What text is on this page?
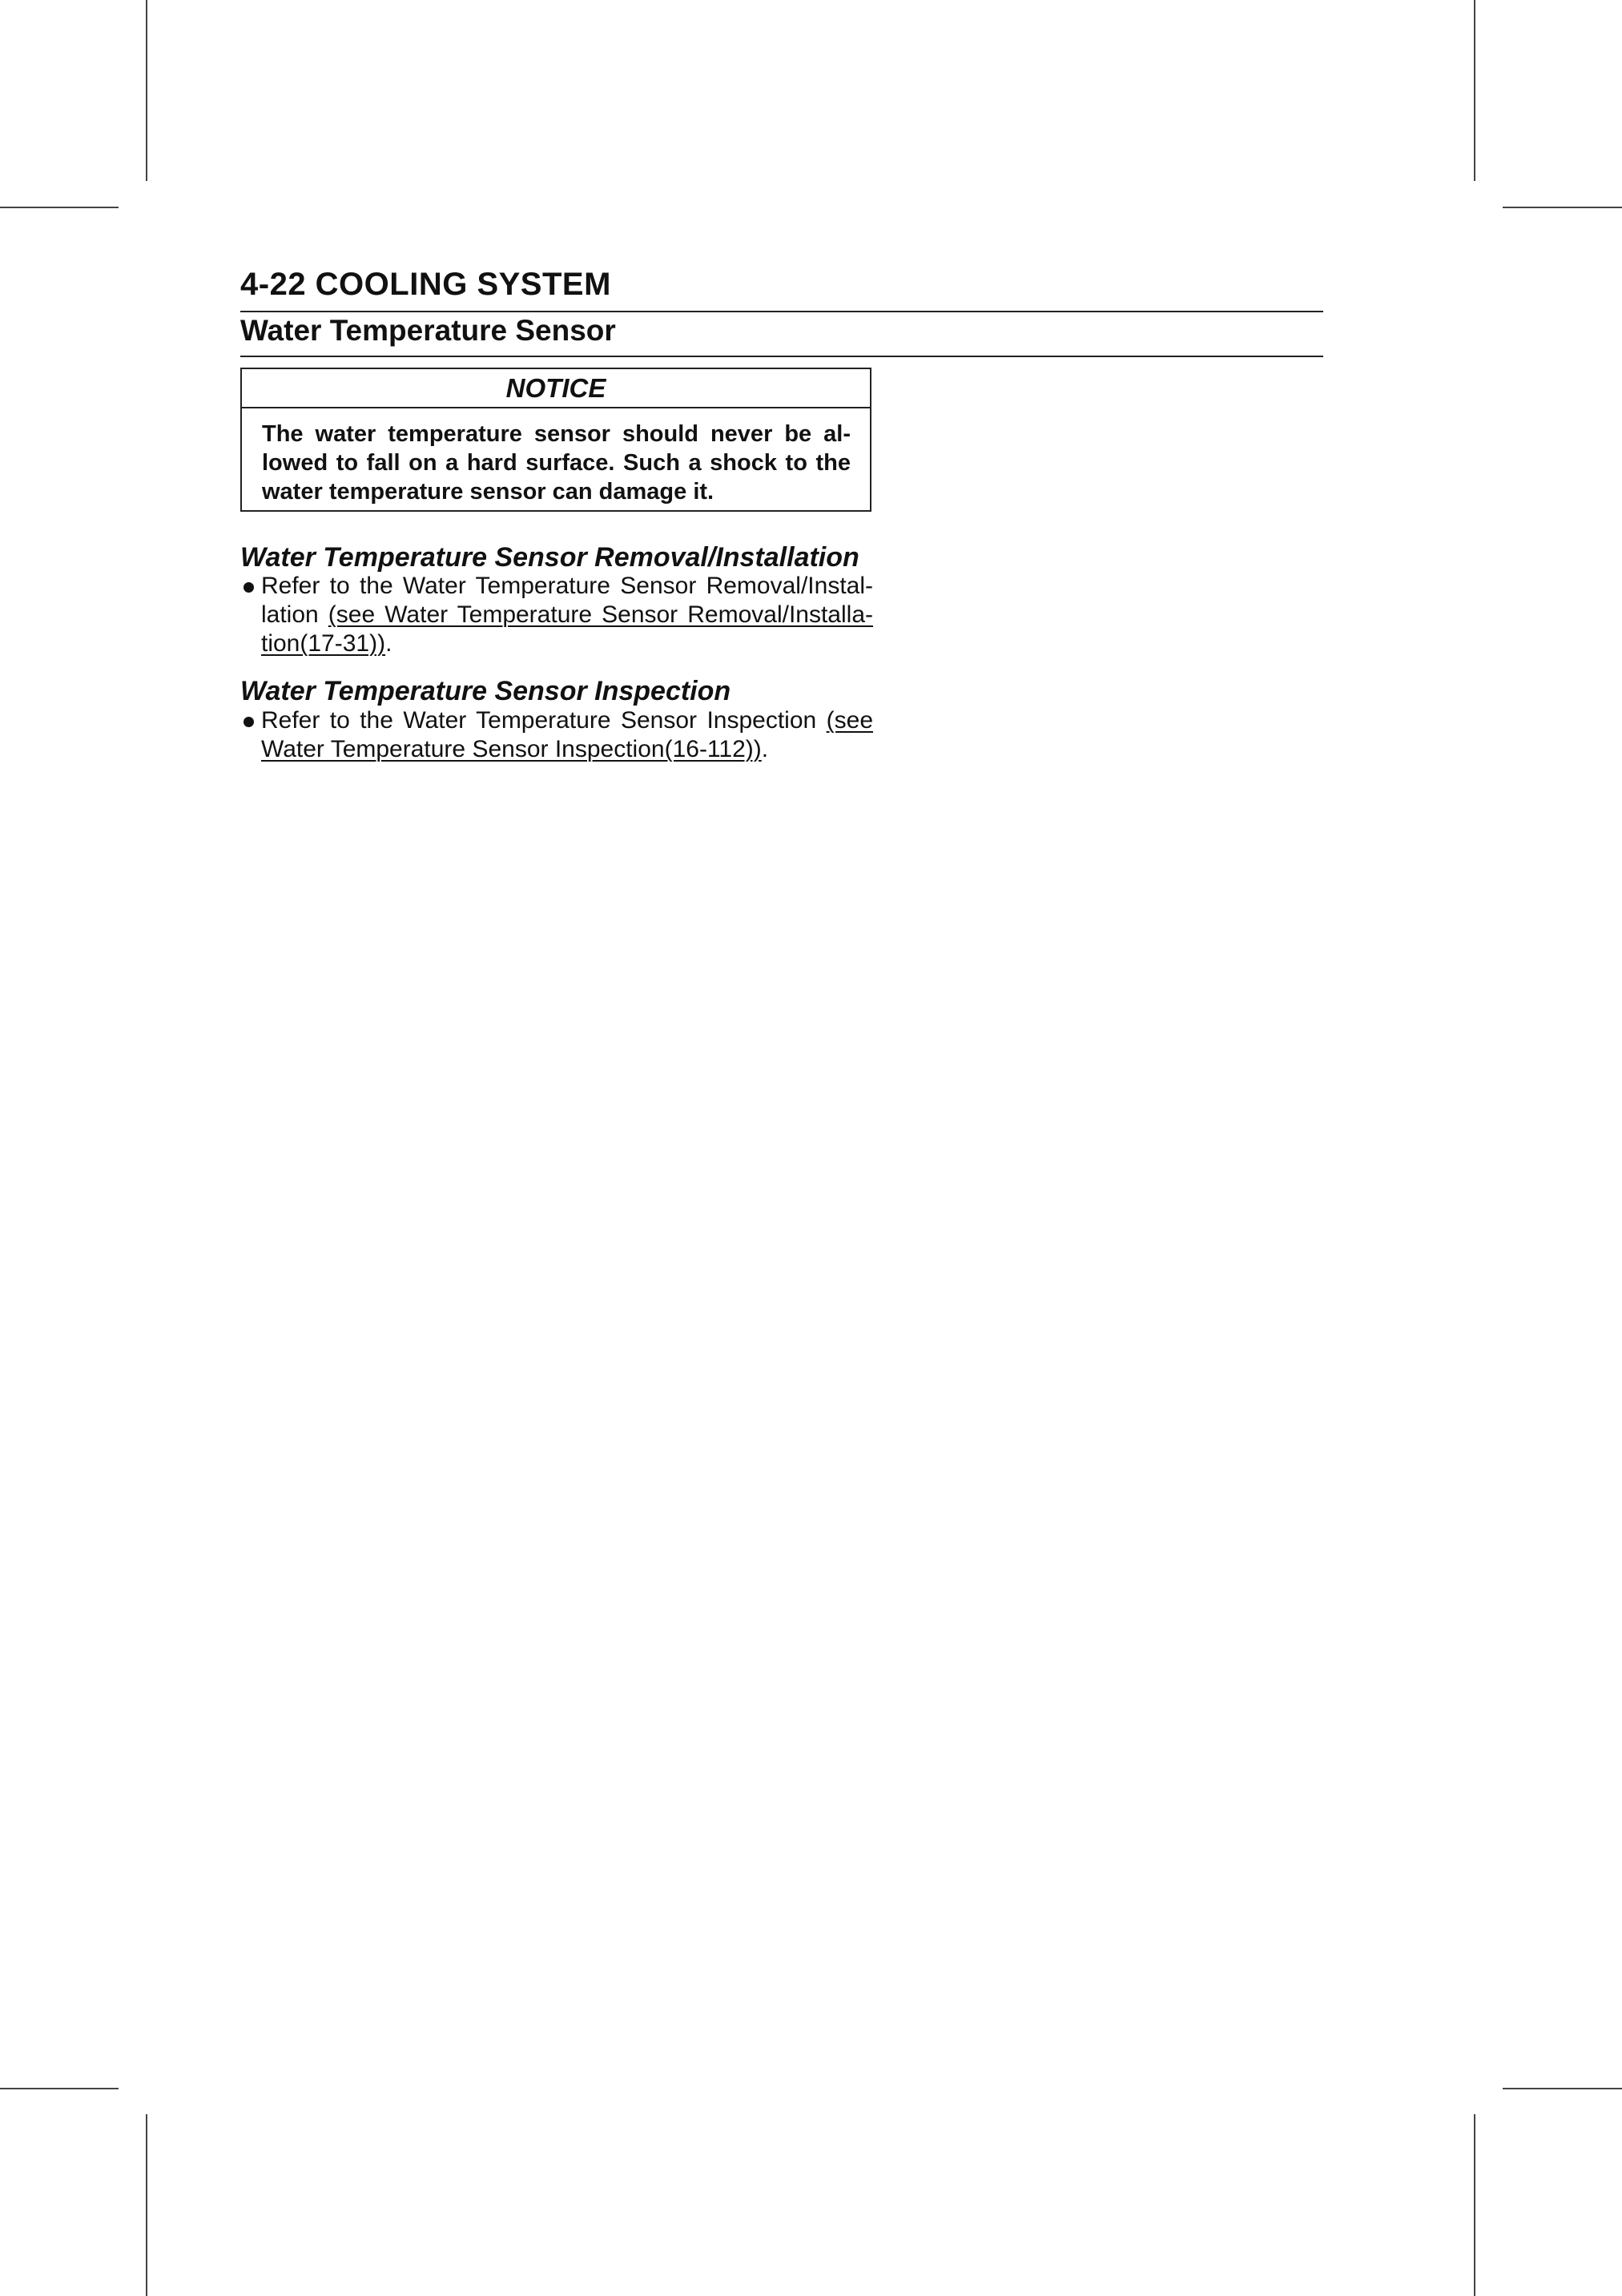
4-22 COOLING SYSTEM
Water Temperature Sensor
NOTICE
The water temperature sensor should never be al-
lowed to fall on a hard surface. Such a shock to the
water temperature sensor can damage it.
Water Temperature Sensor Removal/Installation
Refer to the Water Temperature Sensor Removal/Instal-
lation (see Water Temperature Sensor Removal/Installa-
tion(17-31)).
Water Temperature Sensor Inspection
Refer to the Water Temperature Sensor Inspection (see
Water Temperature Sensor Inspection(16-112)).
